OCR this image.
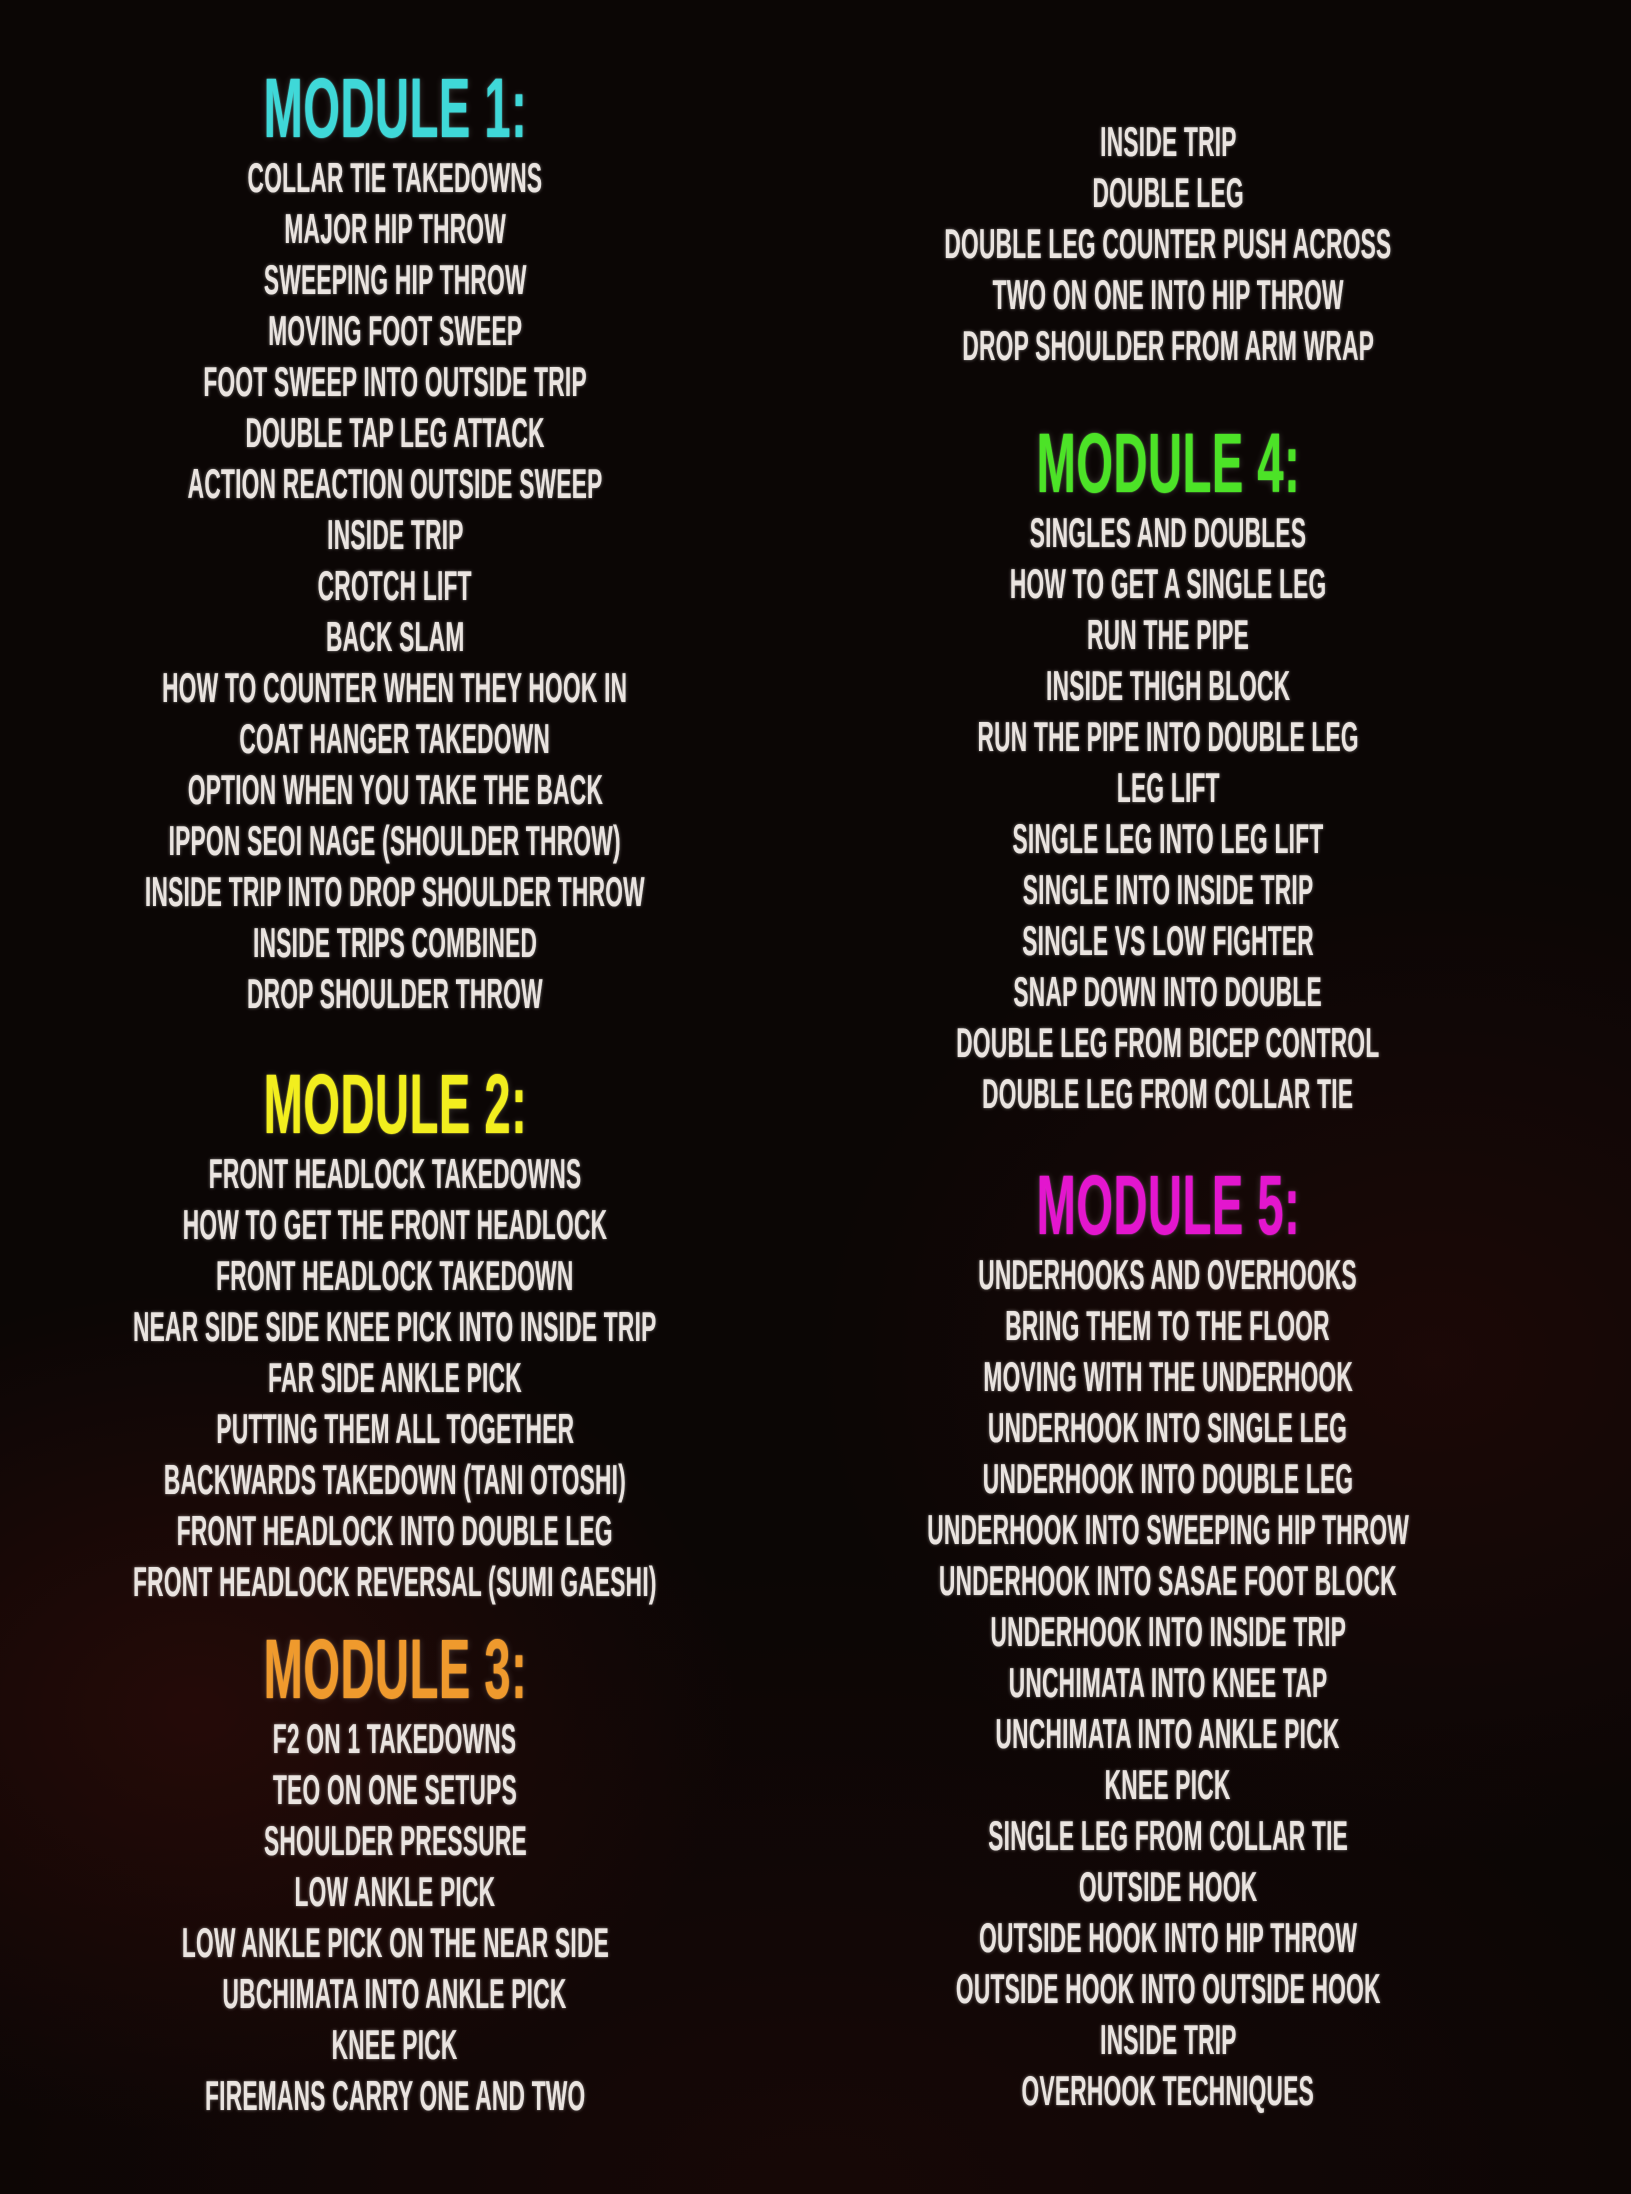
MODULE 1:
COLLAR TIE TAKEDOWNS
MAJOR HIP THROW
SWEEPING HIP THROW
MOVING FOOT SWEEP
FOOT SWEEP INTO OUTSIDE TRIP
DOUBLE TAP LEG ATTACK
ACTION REACTION OUTSIDE SWEEP
INSIDE TRIP
CROTCH LIFT
BACK SLAM
HOW TO COUNTER WHEN THEY HOOK IN
COAT HANGER TAKEDOWN
OPTION WHEN YOU TAKE THE BACK
IPPON SEOI NAGE (SHOULDER THROW)
INSIDE TRIP INTO DROP SHOULDER THROW
INSIDE TRIPS COMBINED
DROP SHOULDER THROW
MODULE 2:
FRONT HEADLOCK TAKEDOWNS
HOW TO GET THE FRONT HEADLOCK
FRONT HEADLOCK TAKEDOWN
NEAR SIDE SIDE KNEE PICK INTO INSIDE TRIP
FAR SIDE ANKLE PICK
PUTTING THEM ALL TOGETHER
BACKWARDS TAKEDOWN (TANI OTOSHI)
FRONT HEADLOCK INTO DOUBLE LEG
FRONT HEADLOCK REVERSAL (SUMI GAESHI)
MODULE 3:
F2 ON 1 TAKEDOWNS
TEO ON ONE SETUPS
SHOULDER PRESSURE
LOW ANKLE PICK
LOW ANKLE PICK ON THE NEAR SIDE
UBCHIMATA INTO ANKLE PICK
KNEE PICK
FIREMANS CARRY ONE AND TWO
INSIDE TRIP
DOUBLE LEG
DOUBLE LEG COUNTER PUSH ACROSS
TWO ON ONE INTO HIP THROW
DROP SHOULDER FROM ARM WRAP
MODULE 4:
SINGLES AND DOUBLES
HOW TO GET A SINGLE LEG
RUN THE PIPE
INSIDE THIGH BLOCK
RUN THE PIPE INTO DOUBLE LEG
LEG LIFT
SINGLE LEG INTO LEG LIFT
SINGLE INTO INSIDE TRIP
SINGLE VS LOW FIGHTER
SNAP DOWN INTO DOUBLE
DOUBLE LEG FROM BICEP CONTROL
DOUBLE LEG FROM COLLAR TIE
MODULE 5:
UNDERHOOKS AND OVERHOOKS
BRING THEM TO THE FLOOR
MOVING WITH THE UNDERHOOK
UNDERHOOK INTO SINGLE LEG
UNDERHOOK INTO DOUBLE LEG
UNDERHOOK INTO SWEEPING HIP THROW
UNDERHOOK INTO SASAE FOOT BLOCK
UNDERHOOK INTO INSIDE TRIP
UNCHIMATA INTO KNEE TAP
UNCHIMATA INTO ANKLE PICK
KNEE PICK
SINGLE LEG FROM COLLAR TIE
OUTSIDE HOOK
OUTSIDE HOOK INTO HIP THROW
OUTSIDE HOOK INTO OUTSIDE HOOK
INSIDE TRIP
OVERHOOK TECHNIQUES
